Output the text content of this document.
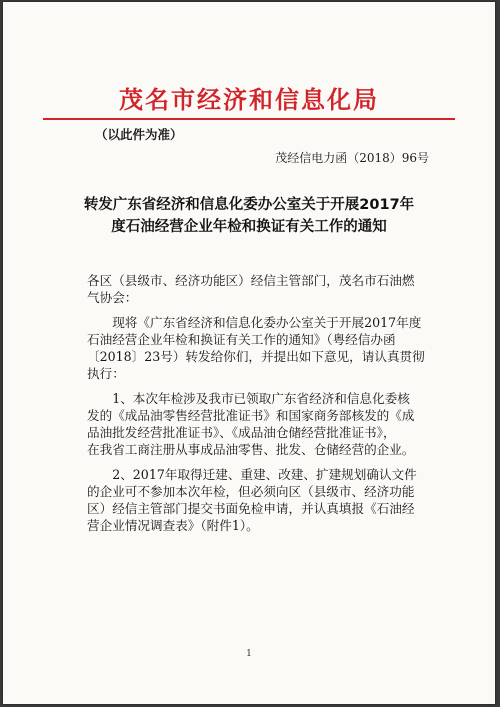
茂名市经济和信息化局
（以此件为准）
茂经信电力函（2018）96号
转发广东省经济和信息化委办公室关于开展2017年
度石油经营企业年检和换证有关工作的通知
各区（县级市、经济功能区）经信主管部门，茂名市石油燃
气协会：
　　现将《广东省经济和信息化委办公室关于开展2017年度
石油经营企业年检和换证有关工作的通知》（粤经信办函
〔2018〕23号）转发给你们，并提出如下意见，请认真贯彻
执行：
　　1、本次年检涉及我市已领取广东省经济和信息化委核
发的《成品油零售经营批准证书》和国家商务部核发的《成
品油批发经营批准证书》、《成品油仓储经营批准证书》，
在我省工商注册从事成品油零售、批发、仓储经营的企业。
　　2、2017年取得迁建、重建、改建、扩建规划确认文件
的企业可不参加本次年检，但必须向区（县级市、经济功能
区）经信主管部门提交书面免检申请，并认真填报《石油经
营企业情况调查表》（附件1）。
1
